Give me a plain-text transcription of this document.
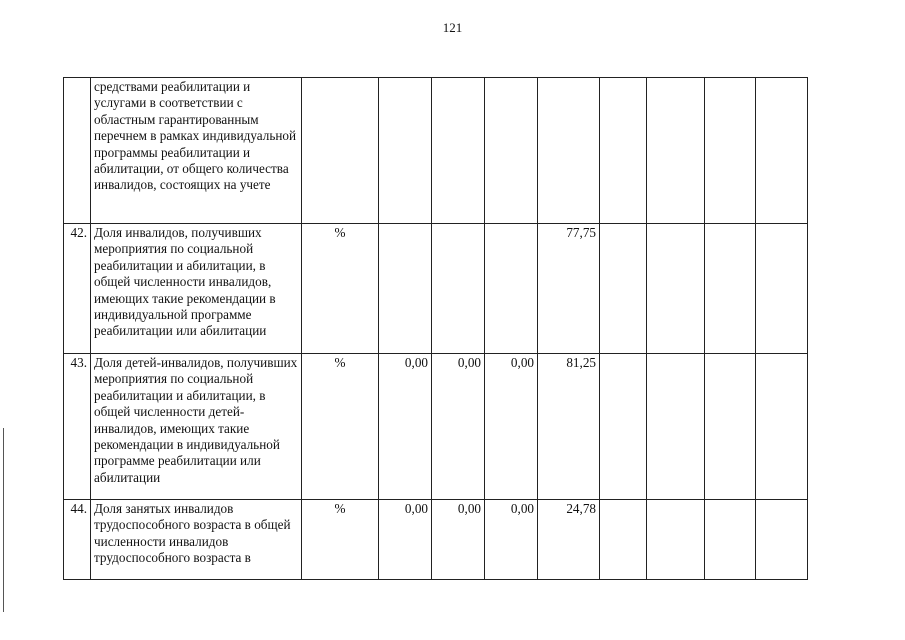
121
	средствами реабилитации и услугами в соответствии с областным гарантированным перечнем в рамках индивидуальной программы реабилитации и абилитации, от общего количества инвалидов, состоящих на учете									
42.	Доля инвалидов, получивших мероприятия по социальной реабилитации и абилитации, в общей численности инвалидов, имеющих такие рекомендации в индивидуальной программе реабилитации или абилитации	%				77,75				
43.	Доля детей-инвалидов, получивших мероприятия по социальной реабилитации и абилитации, в общей численности детей-инвалидов, имеющих такие рекомендации в индивидуальной программе реабилитации или абилитации	%	0,00	0,00	0,00	81,25				
44.	Доля занятых инвалидов трудоспособного возраста в общей численности инвалидов трудоспособного возраста в	%	0,00	0,00	0,00	24,78				
